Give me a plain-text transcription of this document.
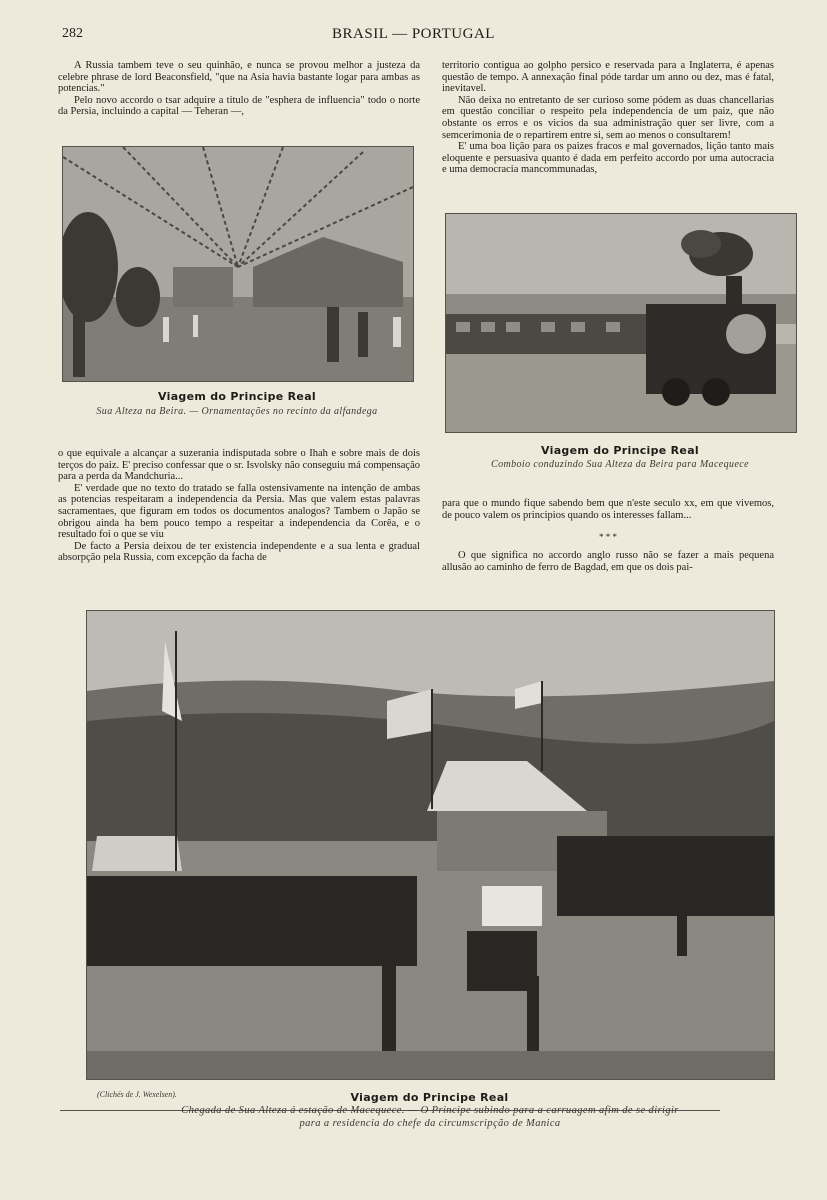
282	BRASIL — PORTUGAL

A Russia tambem teve o seu quinhão, e nunca se provou melhor a justeza da celebre phrase de lord Beaconsfield, "que na Asia havia bastante logar para ambas as potencias."

Pelo novo accordo o tsar adquire a titulo de "esphera de influencia" todo o norte da Persia, incluindo a capital — Teheran —,

territorio contigua ao golpho persico e reservada para a Inglaterra, é apenas questão de tempo. A annexação final póde tardar um anno ou dez, mas é fatal, inevitavel.

Não deixa no entretanto de ser curioso some pódem as duas chancellarias em questão conciliar o respeito pela independencia de um paiz, que não obstante os erros e os vicios da sua administração quer ser livre, com a semcerimonia de o repartirem entre si, sem ao menos o consultarem!

E' uma boa lição para os paizes fracos e mal governados, lição tanto mais eloquente e persuasiva quanto é dada em perfeito accordo por uma autocracia e uma democracia mancommunadas,

Viagem do Principe Real
Sua Alteza na Beira. — Ornamentações no recinto da alfandega
Viagem do Principe Real
Comboio conduzindo Sua Alteza da Beira para Macequece

o que equivale a alcançar a suzerania indisputada sobre o Ihah e sobre mais de dois terços do paiz. E' preciso confessar que o sr. Isvolsky não conseguiu má compensação para a perda da Mandchuria...

E' verdade que no texto do tratado se falla ostensivamente na intenção de ambas as potencias respeitaram a independencia da Persia. Mas que valem estas palavras sacramentaes, que figuram em todos os documentos analogos? Tambem o Japão se obrigou ainda ha bem pouco tempo a respeitar a independencia da Corêa, e o resultado foi o que se viu

De facto a Persia deixou de ter existencia independente e a sua lenta e gradual absorpção pela Russia, com excepção da facha de

para que o mundo fique sabendo bem que n'este seculo xx, em que vivemos, de pouco valem os principios quando os interesses fallam...

* * *

O que significa no accordo anglo russo não se fazer a mais pequena allusão ao caminho de ferro de Bagdad, em que os dois pai-

(Clichés de J. Wexelsen).	Viagem do Principe Real
Chegada de Sua Alteza á estação de Macequece. — O Principe subindo para a carruagem afim de se dirigir
para a residencia do chefe da circumscripção de Manica
